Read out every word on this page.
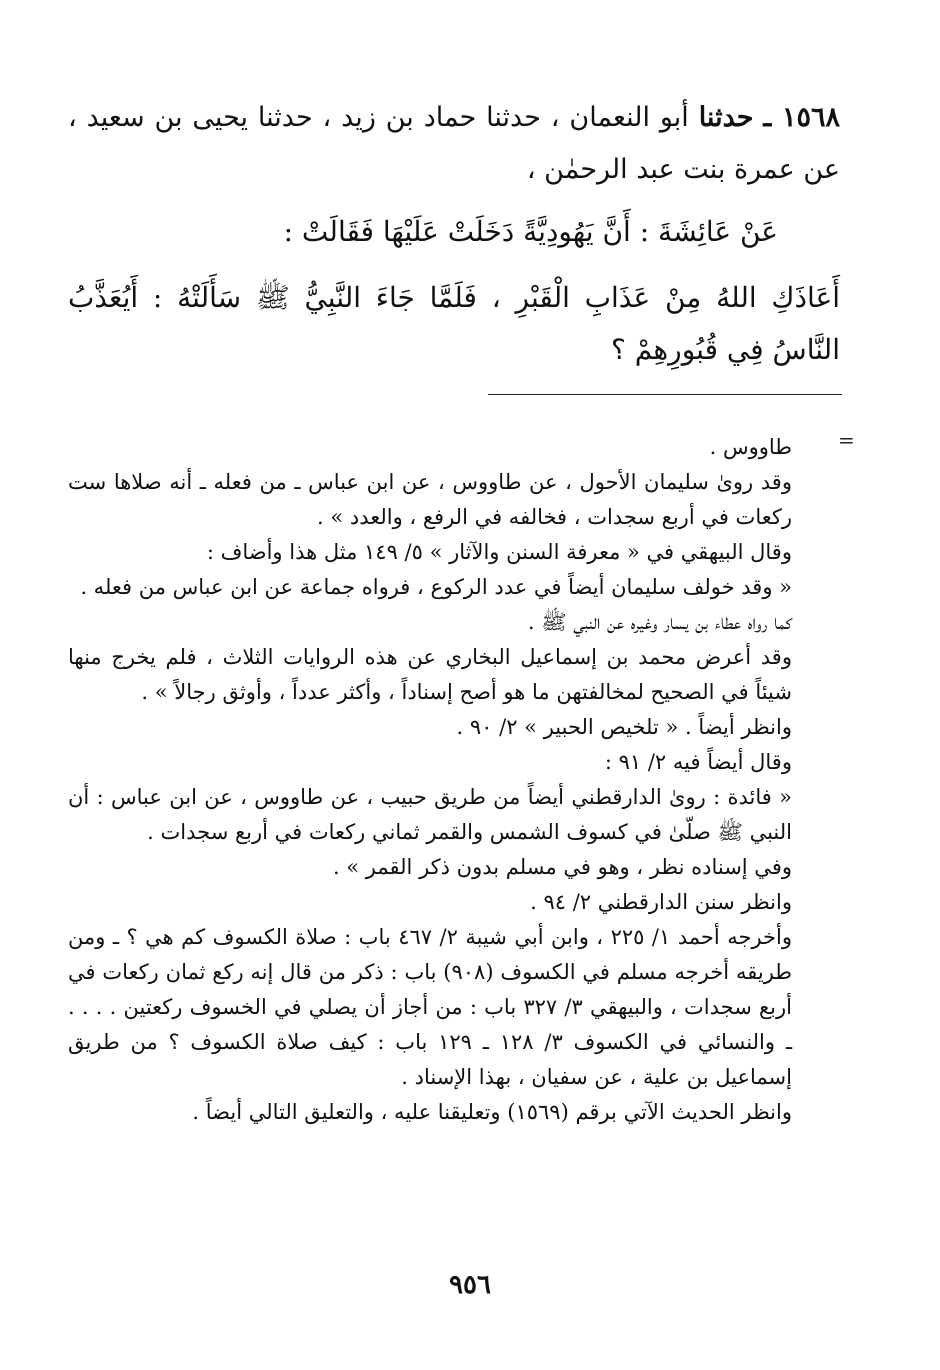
١٥٦٨ ـ حدثنا أبو النعمان ، حدثنا حماد بن زيد ، حدثنا يحيى بن سعيد ، عن عمرة بنت عبد الرحمٰن ،

عَنْ عَائِشَةَ : أَنَّ يَهُودِيَّةً دَخَلَتْ عَلَيْهَا فَقَالَتْ :

أَعَاذَكِ اللهُ مِنْ عَذَابِ الْقَبْرِ ، فَلَمَّا جَاءَ النَّبِيُّ ﷺ سَأَلَتْهُ : أَيُعَذَّبُ النَّاسُ فِي قُبُورِهِمْ ؟

=

طاووس .

وقد رویٰ سليمان الأحول ، عن طاووس ، عن ابن عباس ـ من فعله ـ أنه صلاها ست ركعات في أربع سجدات ، فخالفه في الرفع ، والعدد » .

وقال البيهقي في « معرفة السنن والآثار » ٥/ ١٤٩ مثل هذا وأضاف :

« وقد خولف سليمان أيضاً في عدد الركوع ، فرواه جماعة عن ابن عباس من فعله .

كما رواه عطاء بن يسار وغيره عن النبي ﷺ .

وقد أعرض محمد بن إسماعيل البخاري عن هذه الروايات الثلاث ، فلم يخرج منها شيئاً في الصحيح لمخالفتهن ما هو أصح إسناداً ، وأكثر عدداً ، وأوثق رجالاً » .

وانظر أيضاً . « تلخيص الحبير » ٢/ ٩٠ .

وقال أيضاً فيه ٢/ ٩١ :

« فائدة : رویٰ الدارقطني أيضاً من طريق حبيب ، عن طاووس ، عن ابن عباس : أن النبي ﷺ صلّىٰ في كسوف الشمس والقمر ثماني ركعات في أربع سجدات .

وفي إسناده نظر ، وهو في مسلم بدون ذكر القمر » .

وانظر سنن الدارقطني ٢/ ٩٤ .

وأخرجه أحمد ١/ ٢٢٥ ، وابن أبي شيبة ٢/ ٤٦٧ باب : صلاة الكسوف كم هي ؟ ـ ومن طريقه أخرجه مسلم في الكسوف (٩٠٨) باب : ذكر من قال إنه ركع ثمان ركعات في أربع سجدات ، والبيهقي ٣/ ٣٢٧ باب : من أجاز أن يصلي في الخسوف ركعتين . . . . ـ والنسائي في الكسوف ٣/ ١٢٨ ـ ١٢٩ باب : كيف صلاة الكسوف ؟ من طريق إسماعيل بن علية ، عن سفيان ، بهذا الإسناد .

وانظر الحديث الآتي برقم (١٥٦٩) وتعليقنا عليه ، والتعليق التالي أيضاً .

٩٥٦
